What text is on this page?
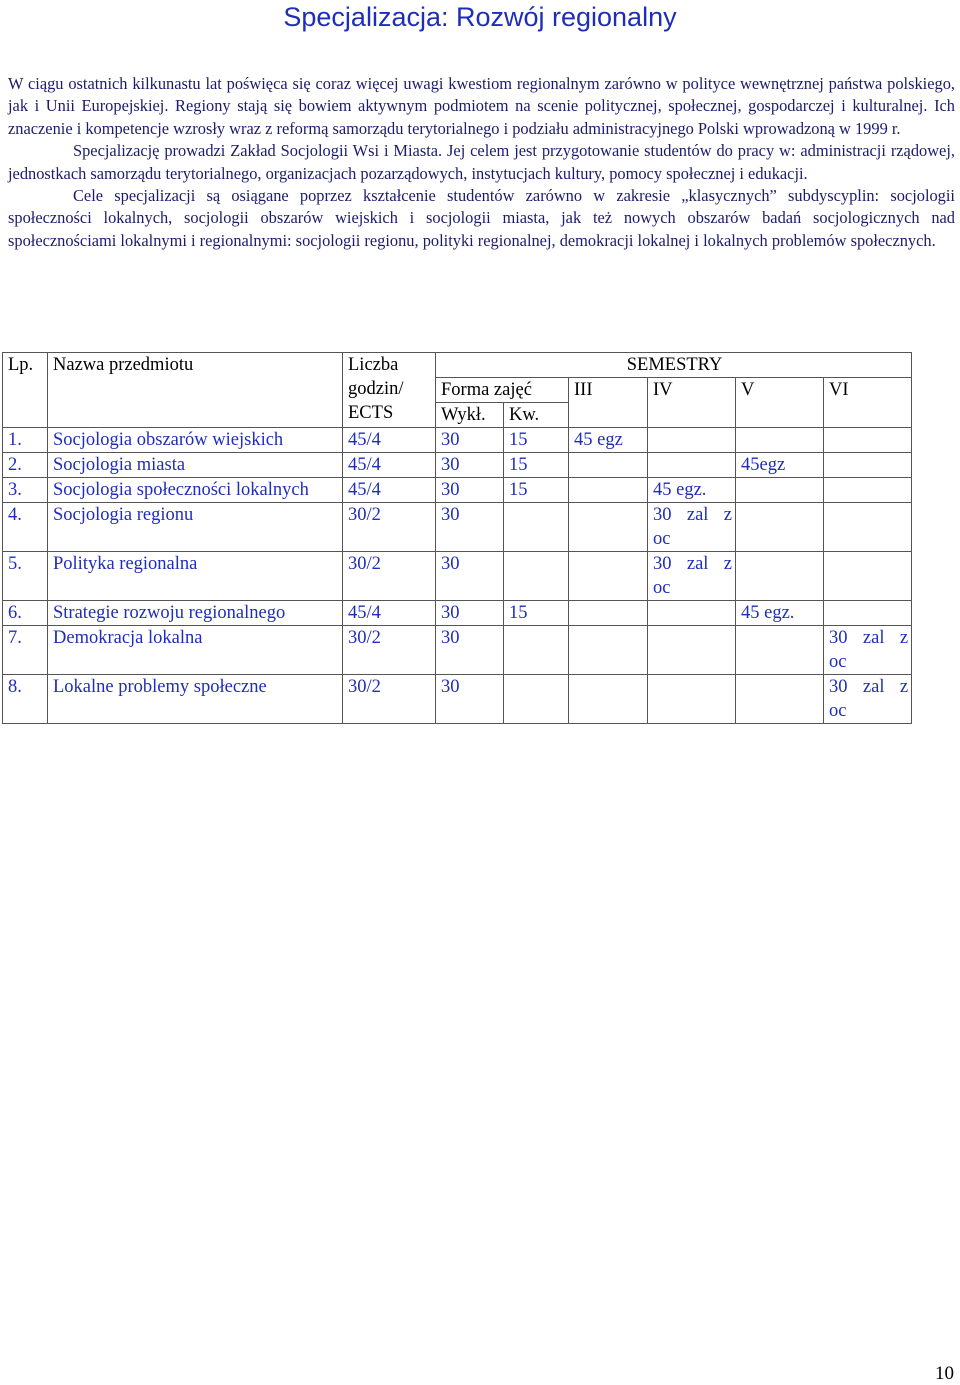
Specjalizacja: Rozwój regionalny

W ciągu ostatnich kilkunastu lat poświęca się coraz więcej uwagi kwestiom regionalnym zarówno w polityce wewnętrznej państwa polskiego, jak i Unii Europejskiej. Regiony stają się bowiem aktywnym podmiotem na scenie politycznej, społecznej, gospodarczej i kulturalnej. Ich znaczenie i kompetencje wzrosły wraz z reformą samorządu terytorialnego i podziału administracyjnego Polski wprowadzoną w 1999 r.

Specjalizację prowadzi Zakład Socjologii Wsi i Miasta. Jej celem jest przygotowanie studentów do pracy w: administracji rządowej, jednostkach samorządu terytorialnego, organizacjach pozarządowych, instytucjach kultury, pomocy społecznej i edukacji.

Cele specjalizacji są osiągane poprzez kształcenie studentów zarówno w zakresie „klasycznych” subdyscyplin: socjologii społeczności lokalnych, socjologii obszarów wiejskich i socjologii miasta, jak też nowych obszarów badań socjologicznych nad społecznościami lokalnymi i regionalnymi: socjologii regionu, polityki regionalnej, demokracji lokalnej i lokalnych problemów społecznych.

Lp.	Nazwa przedmiotu	Liczba
godzin/
ECTS	SEMESTRY					
			Forma zajęć		III	IV	V	VI
			Wykł.	Kw.				
1.	Socjologia obszarów wiejskich	45/4	30	15	45 egz			
2.	Socjologia miasta	45/4	30	15			45egz	
3.	Socjologia społeczności lokalnych	45/4	30	15		45 egz.		
4.	Socjologia regionu	30/2	30			30 zal z oc		
5.	Polityka regionalna	30/2	30			30 zal z oc		
6.	Strategie rozwoju regionalnego	45/4	30	15			45 egz.	
7.	Demokracja lokalna	30/2	30					30 zal z oc
8.	Lokalne problemy społeczne	30/2	30					30 zal z oc
10
